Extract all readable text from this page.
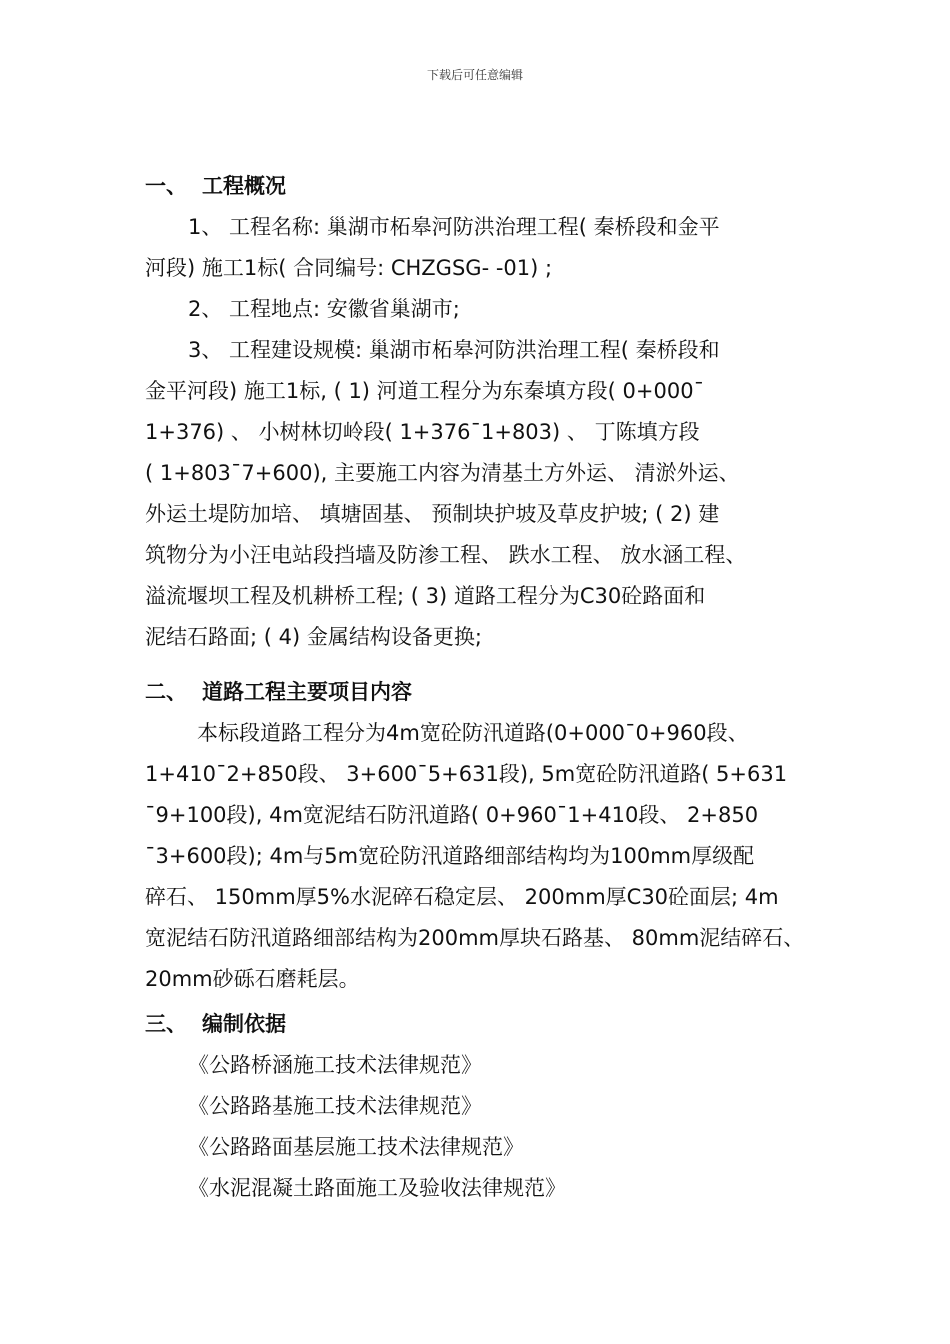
下载后可任意编辑
一、 工程概况
1、 工程名称: 巢湖市柘皋河防洪治理工程( 秦桥段和金平
河段) 施工1标( 合同编号: CHZGSG- -01) ;
2、 工程地点: 安徽省巢湖市;
3、 工程建设规模: 巢湖市柘皋河防洪治理工程( 秦桥段和
金平河段) 施工1标, ( 1) 河道工程分为东秦填方段( 0+000¯
1+376) 、 小树林切岭段( 1+376¯1+803) 、 丁陈填方段
( 1+803¯7+600), 主要施工内容为清基土方外运、 清淤外运、
外运土堤防加培、 填塘固基、 预制块护坡及草皮护坡; ( 2) 建
筑物分为小汪电站段挡墙及防渗工程、 跌水工程、 放水涵工程、
溢流堰坝工程及机耕桥工程; ( 3) 道路工程分为C30砼路面和
泥结石路面; ( 4) 金属结构设备更换;
二、 道路工程主要项目内容
本标段道路工程分为4m宽砼防汛道路(0+000¯0+960段、
1+410¯2+850段、 3+600¯5+631段), 5m宽砼防汛道路( 5+631
¯9+100段), 4m宽泥结石防汛道路( 0+960¯1+410段、 2+850
¯3+600段); 4m与5m宽砼防汛道路细部结构均为100mm厚级配
碎石、 150mm厚5%水泥碎石稳定层、 200mm厚C30砼面层; 4m
宽泥结石防汛道路细部结构为200mm厚块石路基、 80mm泥结碎石、
20mm砂砾石磨耗层。
三、 编制依据
《公路桥涵施工技术法律规范》
《公路路基施工技术法律规范》
《公路路面基层施工技术法律规范》
《水泥混凝土路面施工及验收法律规范》
